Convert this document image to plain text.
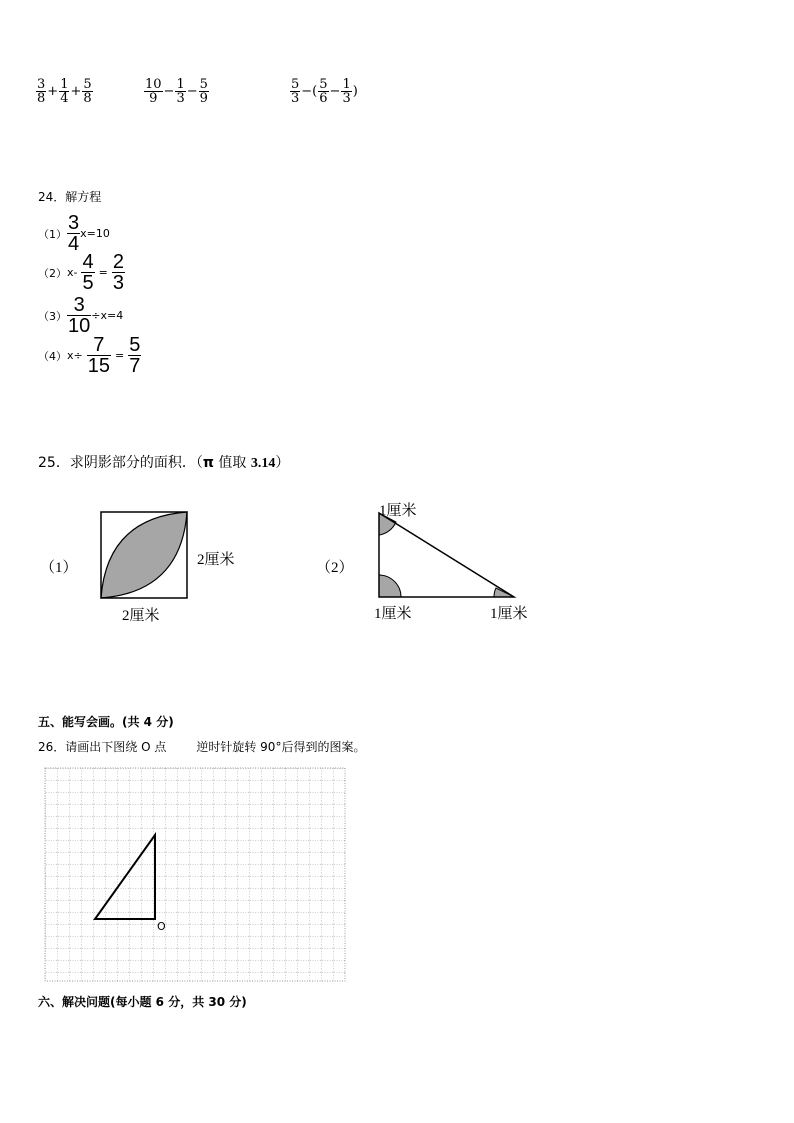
$\frac{3}{8} + \frac{1}{4} + \frac{5}{8}$	$\frac{10}{9} - \frac{1}{3} - \frac{5}{9}$	$\frac{5}{3}$ −( $\frac{5}{6} - \frac{1}{3}$ )
24．解方程
$(1) \frac{3}{4} x=10$
（2） $x- \frac{4}{5} = \frac{2}{3}$
$(3) \frac{3}{10} \div x=4$
（4） $x\div \frac{7}{15} = \frac{5}{7}$
25．求阴影部分的面积．（π 值取 3.14）
（1）	2厘米
2厘米
（2）
1厘米
1厘米	1厘米
五、能写会画。(共 4 分)
26．请画出下图绕 O 点	逆时针旋转 90°后得到的图案。
O
六、解决问题(每小题 6 分，共 30 分)
